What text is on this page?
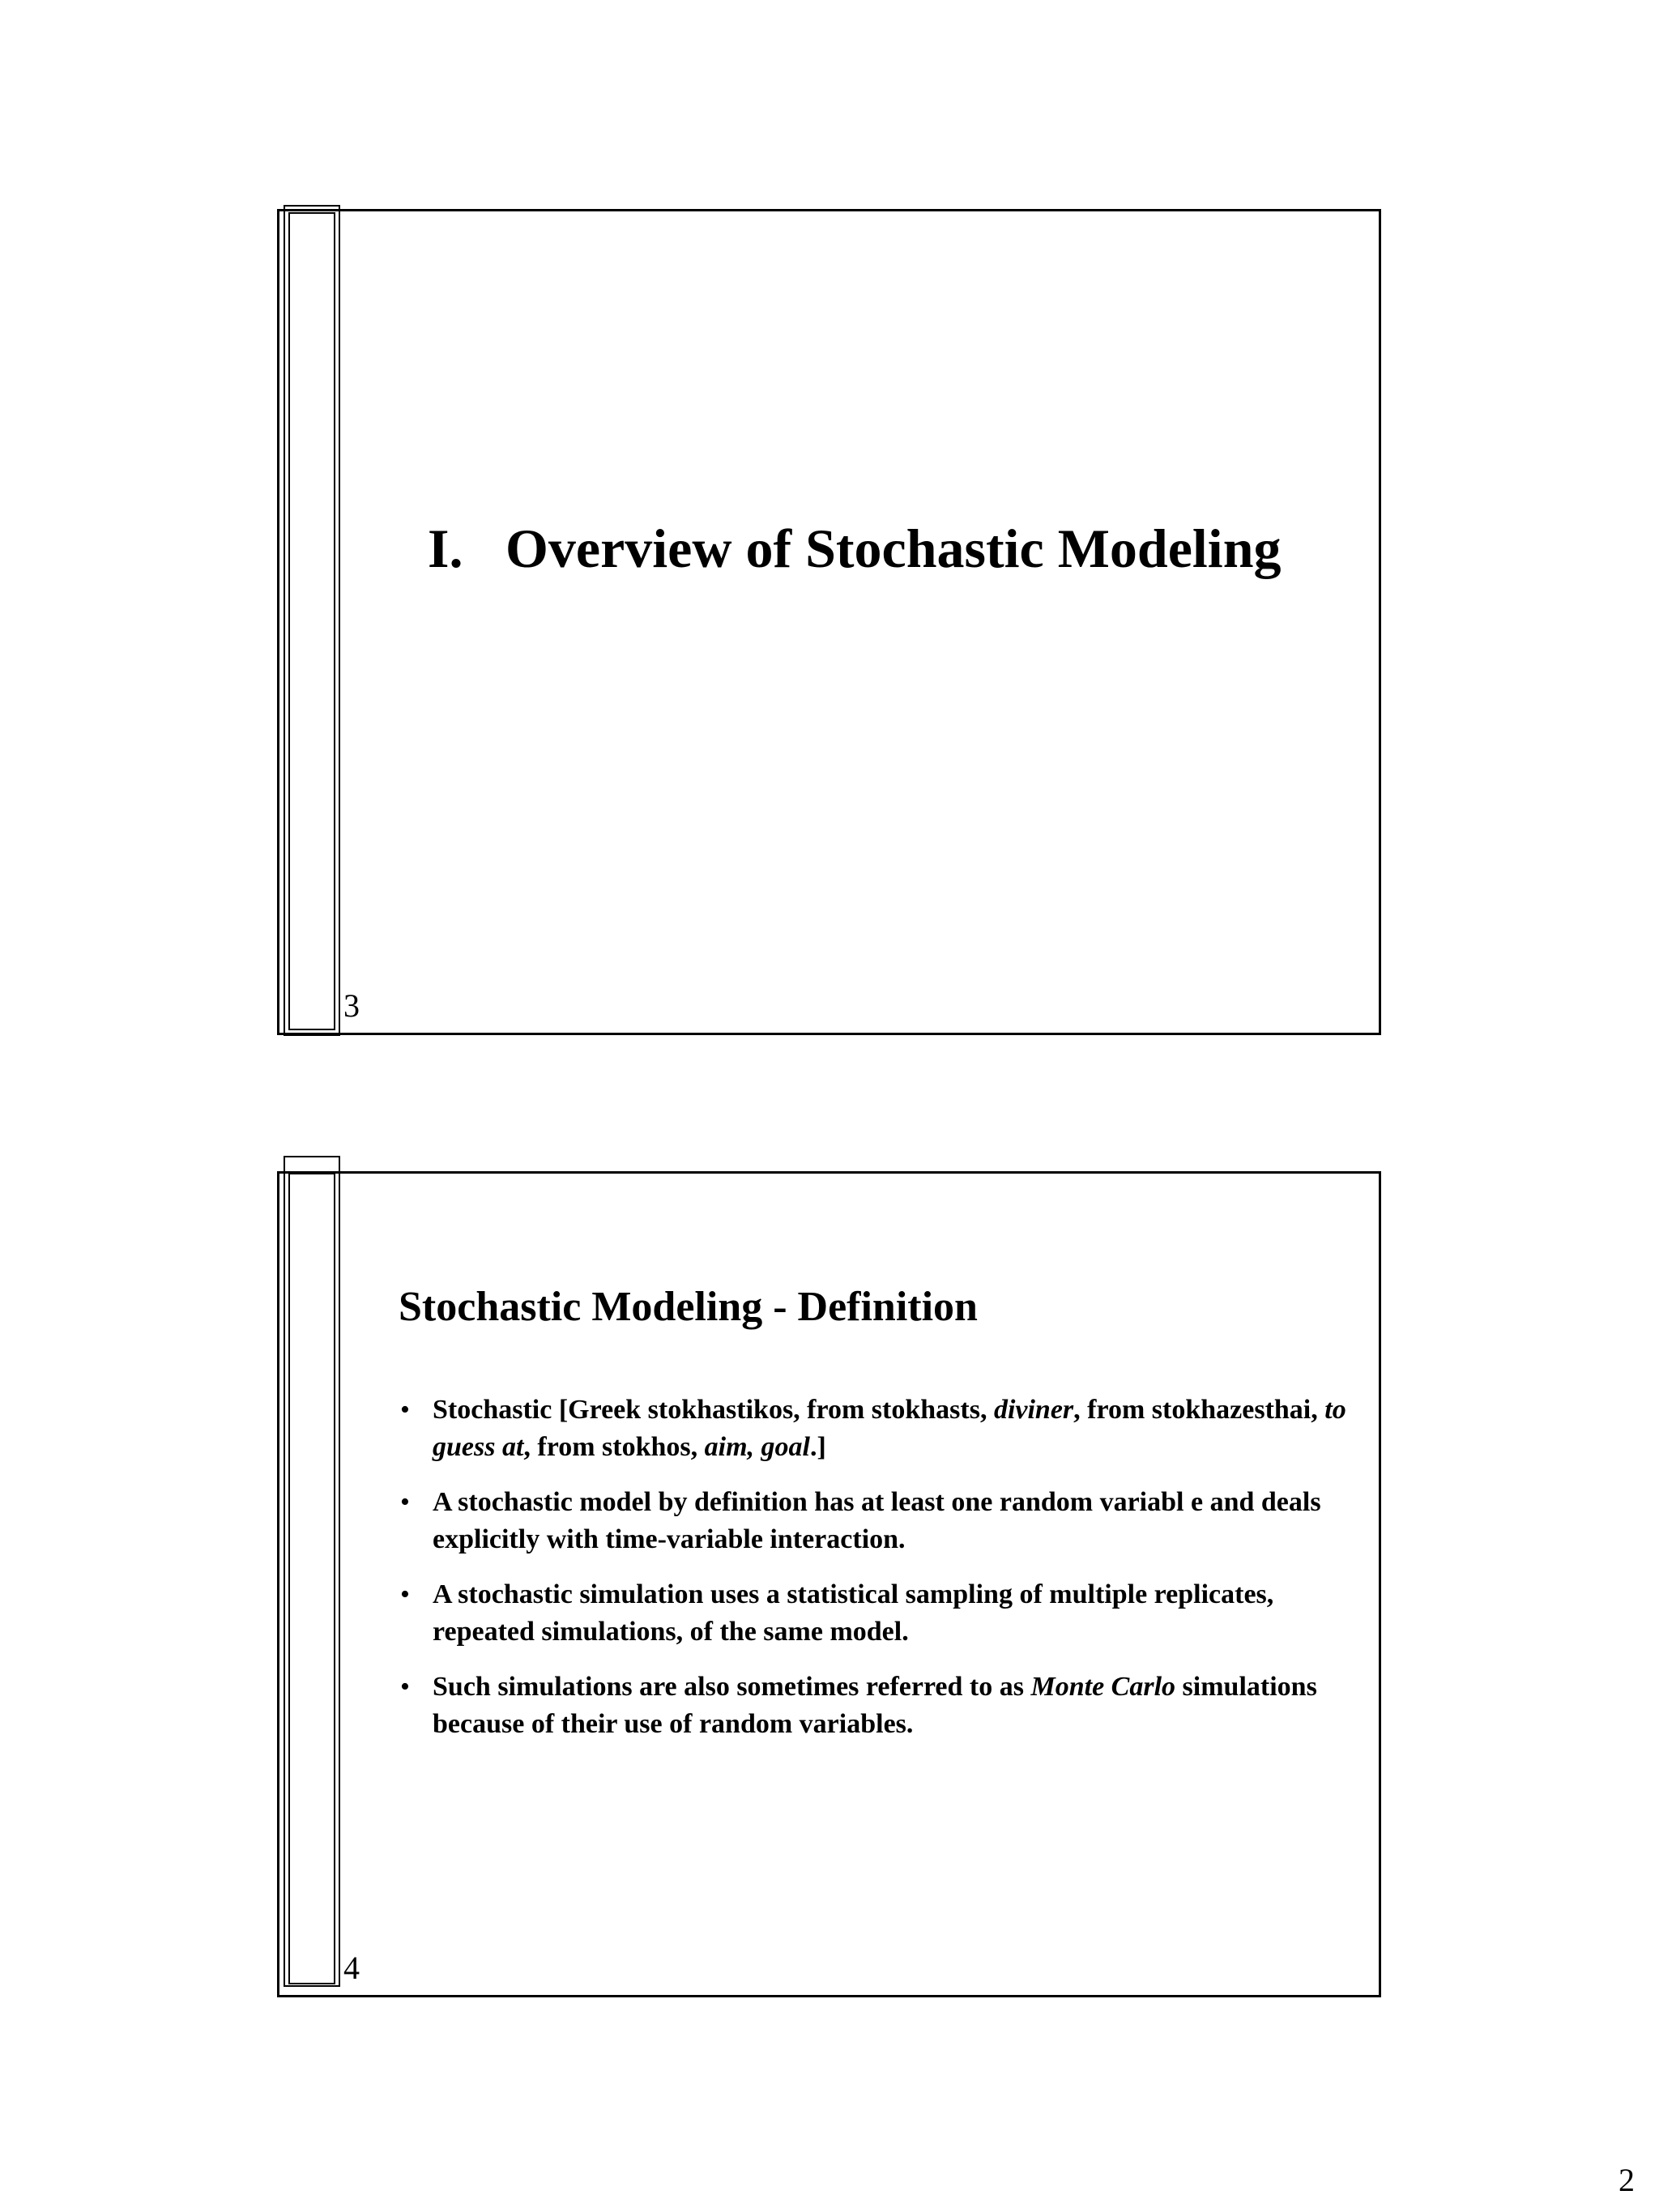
I. Overview of Stochastic Modeling
3
Stochastic Modeling - Definition
• Stochastic [Greek stokhastikos, from stokhasts, diviner, from stokhazesthai, to guess at, from stokhos, aim, goal.]
• A stochastic model by definition has at least one random variabl e and deals explicitly with time-variable interaction.
• A stochastic simulation uses a statistical sampling of multiple replicates, repeated simulations, of the same model.
• Such simulations are also sometimes referred to as Monte Carlo simulations because of their use of random variables.
4
2
